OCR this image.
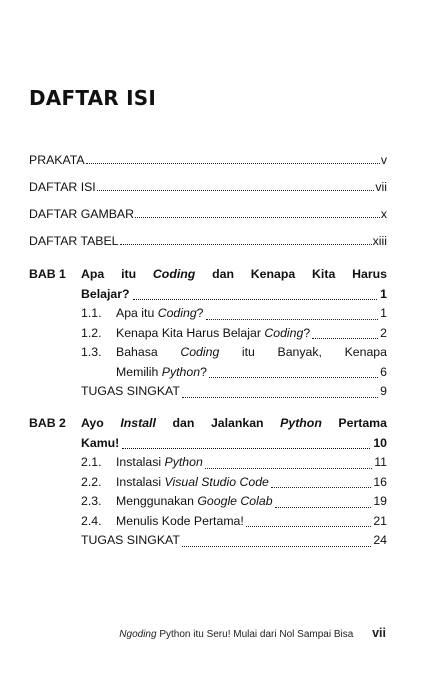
DAFTAR ISI
PRAKATA	v
DAFTAR ISI	vii
DAFTAR GAMBAR	x
DAFTAR TABEL	xiii
BAB 1 Apa itu Coding dan Kenapa Kita Harus
Belajar?	1
1.1.	Apa itu Coding?	1
1.2.	Kenapa Kita Harus Belajar Coding?	2
1.3.	Bahasa Coding itu Banyak, Kenapa
Memilih Python?	6
TUGAS SINGKAT	9
BAB 2 Ayo Install dan Jalankan Python Pertama
Kamu!	10
2.1.	Instalasi Python	11
2.2.	Instalasi Visual Studio Code	16
2.3.	Menggunakan Google Colab	19
2.4.	Menulis Kode Pertama!	21
TUGAS SINGKAT	24
Ngoding Python itu Seru! Mulai dari Nol Sampai Bisa vii
